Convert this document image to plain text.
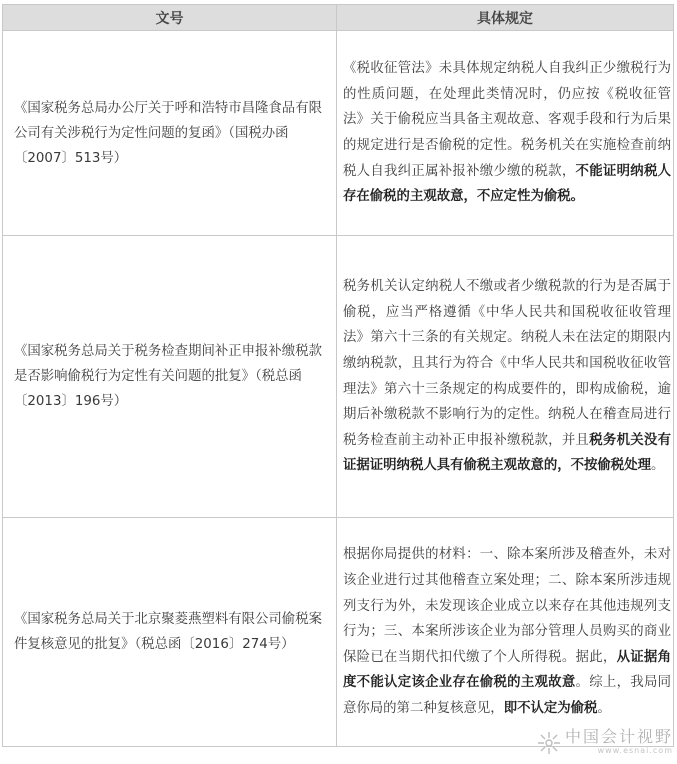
文号	具体规定
《国家税务总局办公厅关于呼和浩特市昌隆食品有限公司有关涉税行为定性问题的复函》（国税办函〔2007〕513号）	《税收征管法》未具体规定纳税人自我纠正少缴税行为的性质问题，在处理此类情况时，仍应按《税收征管法》关于偷税应当具备主观故意、客观手段和行为后果的规定进行是否偷税的定性。税务机关在实施检查前纳税人自我纠正属补报补缴少缴的税款，不能证明纳税人存在偷税的主观故意，不应定性为偷税。
《国家税务总局关于税务检查期间补正申报补缴税款是否影响偷税行为定性有关问题的批复》（税总函〔2013〕196号）	税务机关认定纳税人不缴或者少缴税款的行为是否属于偷税，应当严格遵循《中华人民共和国税收征收管理法》第六十三条的有关规定。纳税人未在法定的期限内缴纳税款，且其行为符合《中华人民共和国税收征收管理法》第六十三条规定的构成要件的，即构成偷税，逾期后补缴税款不影响行为的定性。纳税人在稽查局进行税务检查前主动补正申报补缴税款，并且税务机关没有证据证明纳税人具有偷税主观故意的，不按偷税处理。
《国家税务总局关于北京聚菱燕塑料有限公司偷税案件复核意见的批复》（税总函〔2016〕274号）	根据你局提供的材料：一、除本案所涉及稽查外，未对该企业进行过其他稽查立案处理；二、除本案所涉违规列支行为外，未发现该企业成立以来存在其他违规列支行为；三、本案所涉该企业为部分管理人员购买的商业保险已在当期代扣代缴了个人所得税。据此，从证据角度不能认定该企业存在偷税的主观故意。综上，我局同意你局的第二种复核意见，即不认定为偷税。
中国会计视野
www.esnai.com
